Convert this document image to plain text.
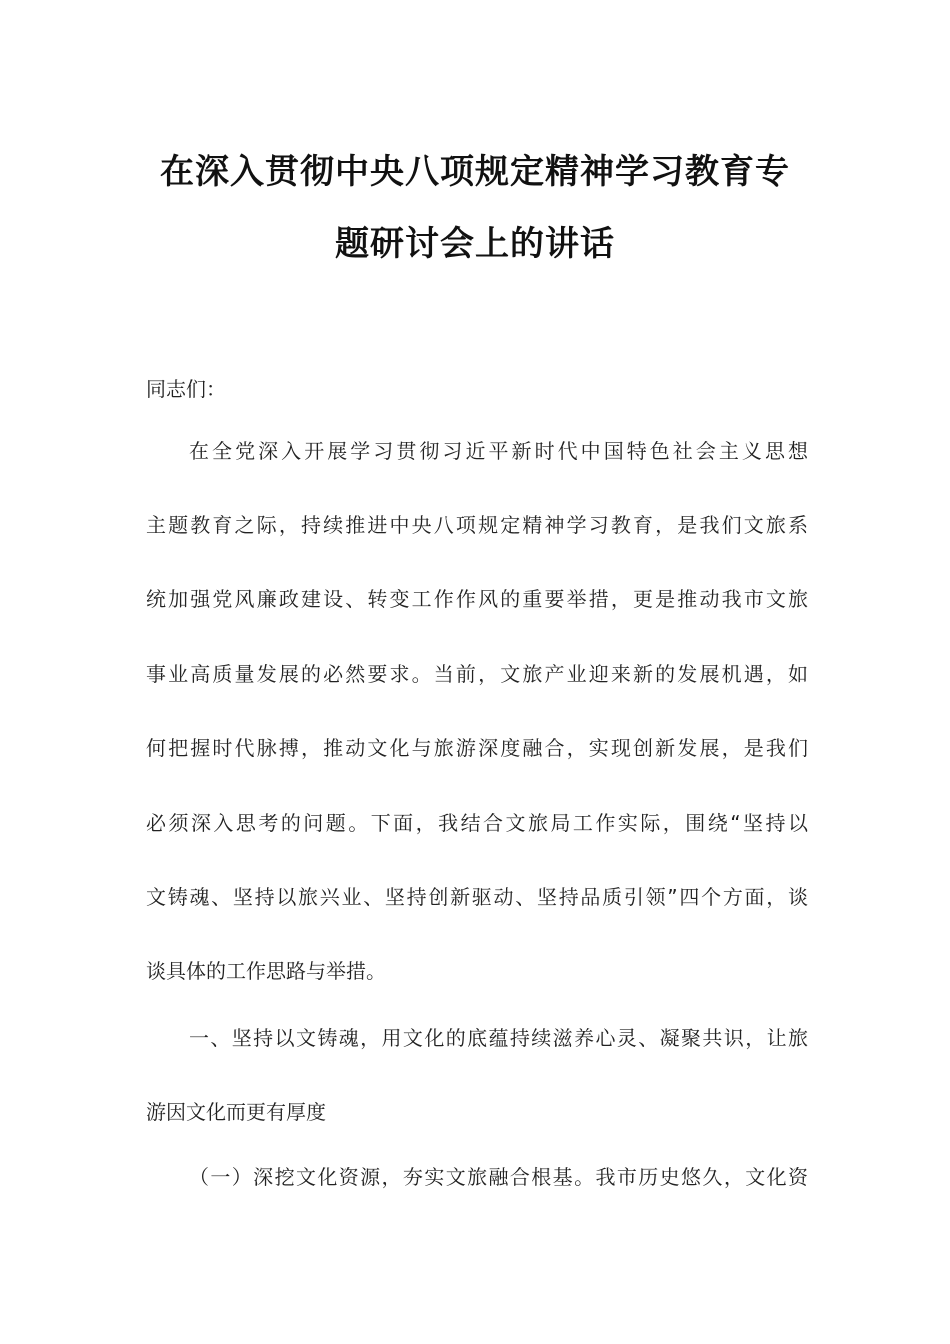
在深入贯彻中央八项规定精神学习教育专
题研讨会上的讲话
同志们：
在全党深入开展学习贯彻习近平新时代中国特色社会主义思想
主题教育之际，持续推进中央八项规定精神学习教育，是我们文旅系
统加强党风廉政建设、转变工作作风的重要举措，更是推动我市文旅
事业高质量发展的必然要求。当前，文旅产业迎来新的发展机遇，如
何把握时代脉搏，推动文化与旅游深度融合，实现创新发展，是我们
必须深入思考的问题。下面，我结合文旅局工作实际，围绕“坚持以
文铸魂、坚持以旅兴业、坚持创新驱动、坚持品质引领”四个方面，谈
谈具体的工作思路与举措。
一、坚持以文铸魂，用文化的底蕴持续滋养心灵、凝聚共识，让旅
游因文化而更有厚度
（一）深挖文化资源，夯实文旅融合根基。我市历史悠久，文化资
